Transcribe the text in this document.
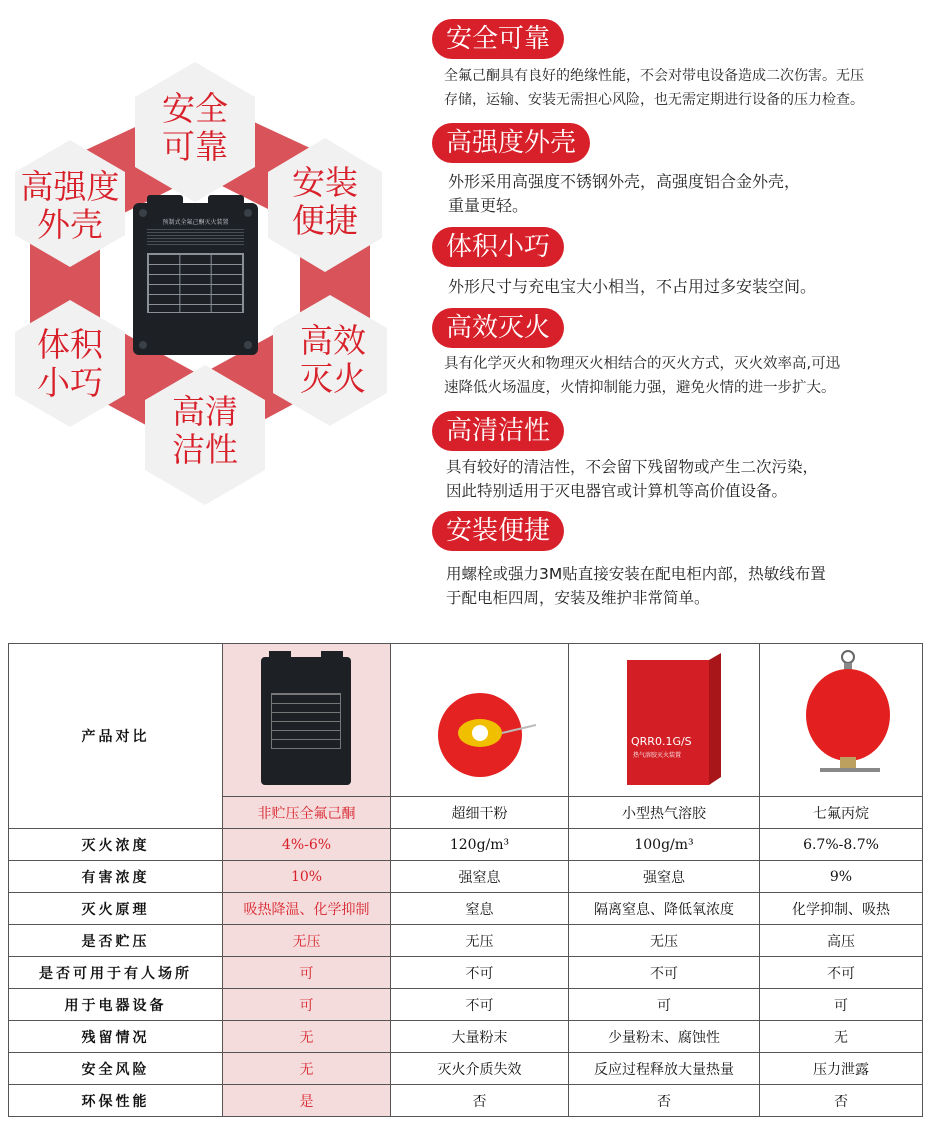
安全
可靠
高强度
外壳
安装
便捷
体积
小巧
高效
灭火
高清
洁性
预制式全氟己酮灭火装置
安全可靠
全氟己酮具有良好的绝缘性能，不会对带电设备造成二次伤害。无压
存储，运输、安装无需担心风险，也无需定期进行设备的压力检查。
高强度外壳
外形采用高强度不锈钢外壳，高强度铝合金外壳，
重量更轻。
体积小巧
外形尺寸与充电宝大小相当，不占用过多安装空间。
高效灭火
具有化学灭火和物理灭火相结合的灭火方式，灭火效率高,可迅
速降低火场温度，火情抑制能力强，避免火情的进一步扩大。
高清洁性
具有较好的清洁性，不会留下残留物或产生二次污染，
因此特别适用于灭电器官或计算机等高价值设备。
安装便捷
用螺栓或强力3M贴直接安装在配电柜内部，热敏线布置
于配电柜四周，安装及维护非常简单。
产品对比			QRR0.1G/S
热气溶胶灭火装置

	非贮压全氟己酮	超细干粉	小型热气溶胶	七氟丙烷
灭火浓度	4%-6%	120g/m³	100g/m³	6.7%-8.7%
有害浓度	10%	强窒息	强窒息	9%
灭火原理	吸热降温、化学抑制	窒息	隔离窒息、降低氧浓度	化学抑制、吸热
是否贮压	无压	无压	无压	高压
是否可用于有人场所	可	不可	不可	不可
用于电器设备	可	不可	可	可
残留情况	无	大量粉末	少量粉末、腐蚀性	无
安全风险	无	灭火介质失效	反应过程释放大量热量	压力泄露
环保性能	是	否	否	否
